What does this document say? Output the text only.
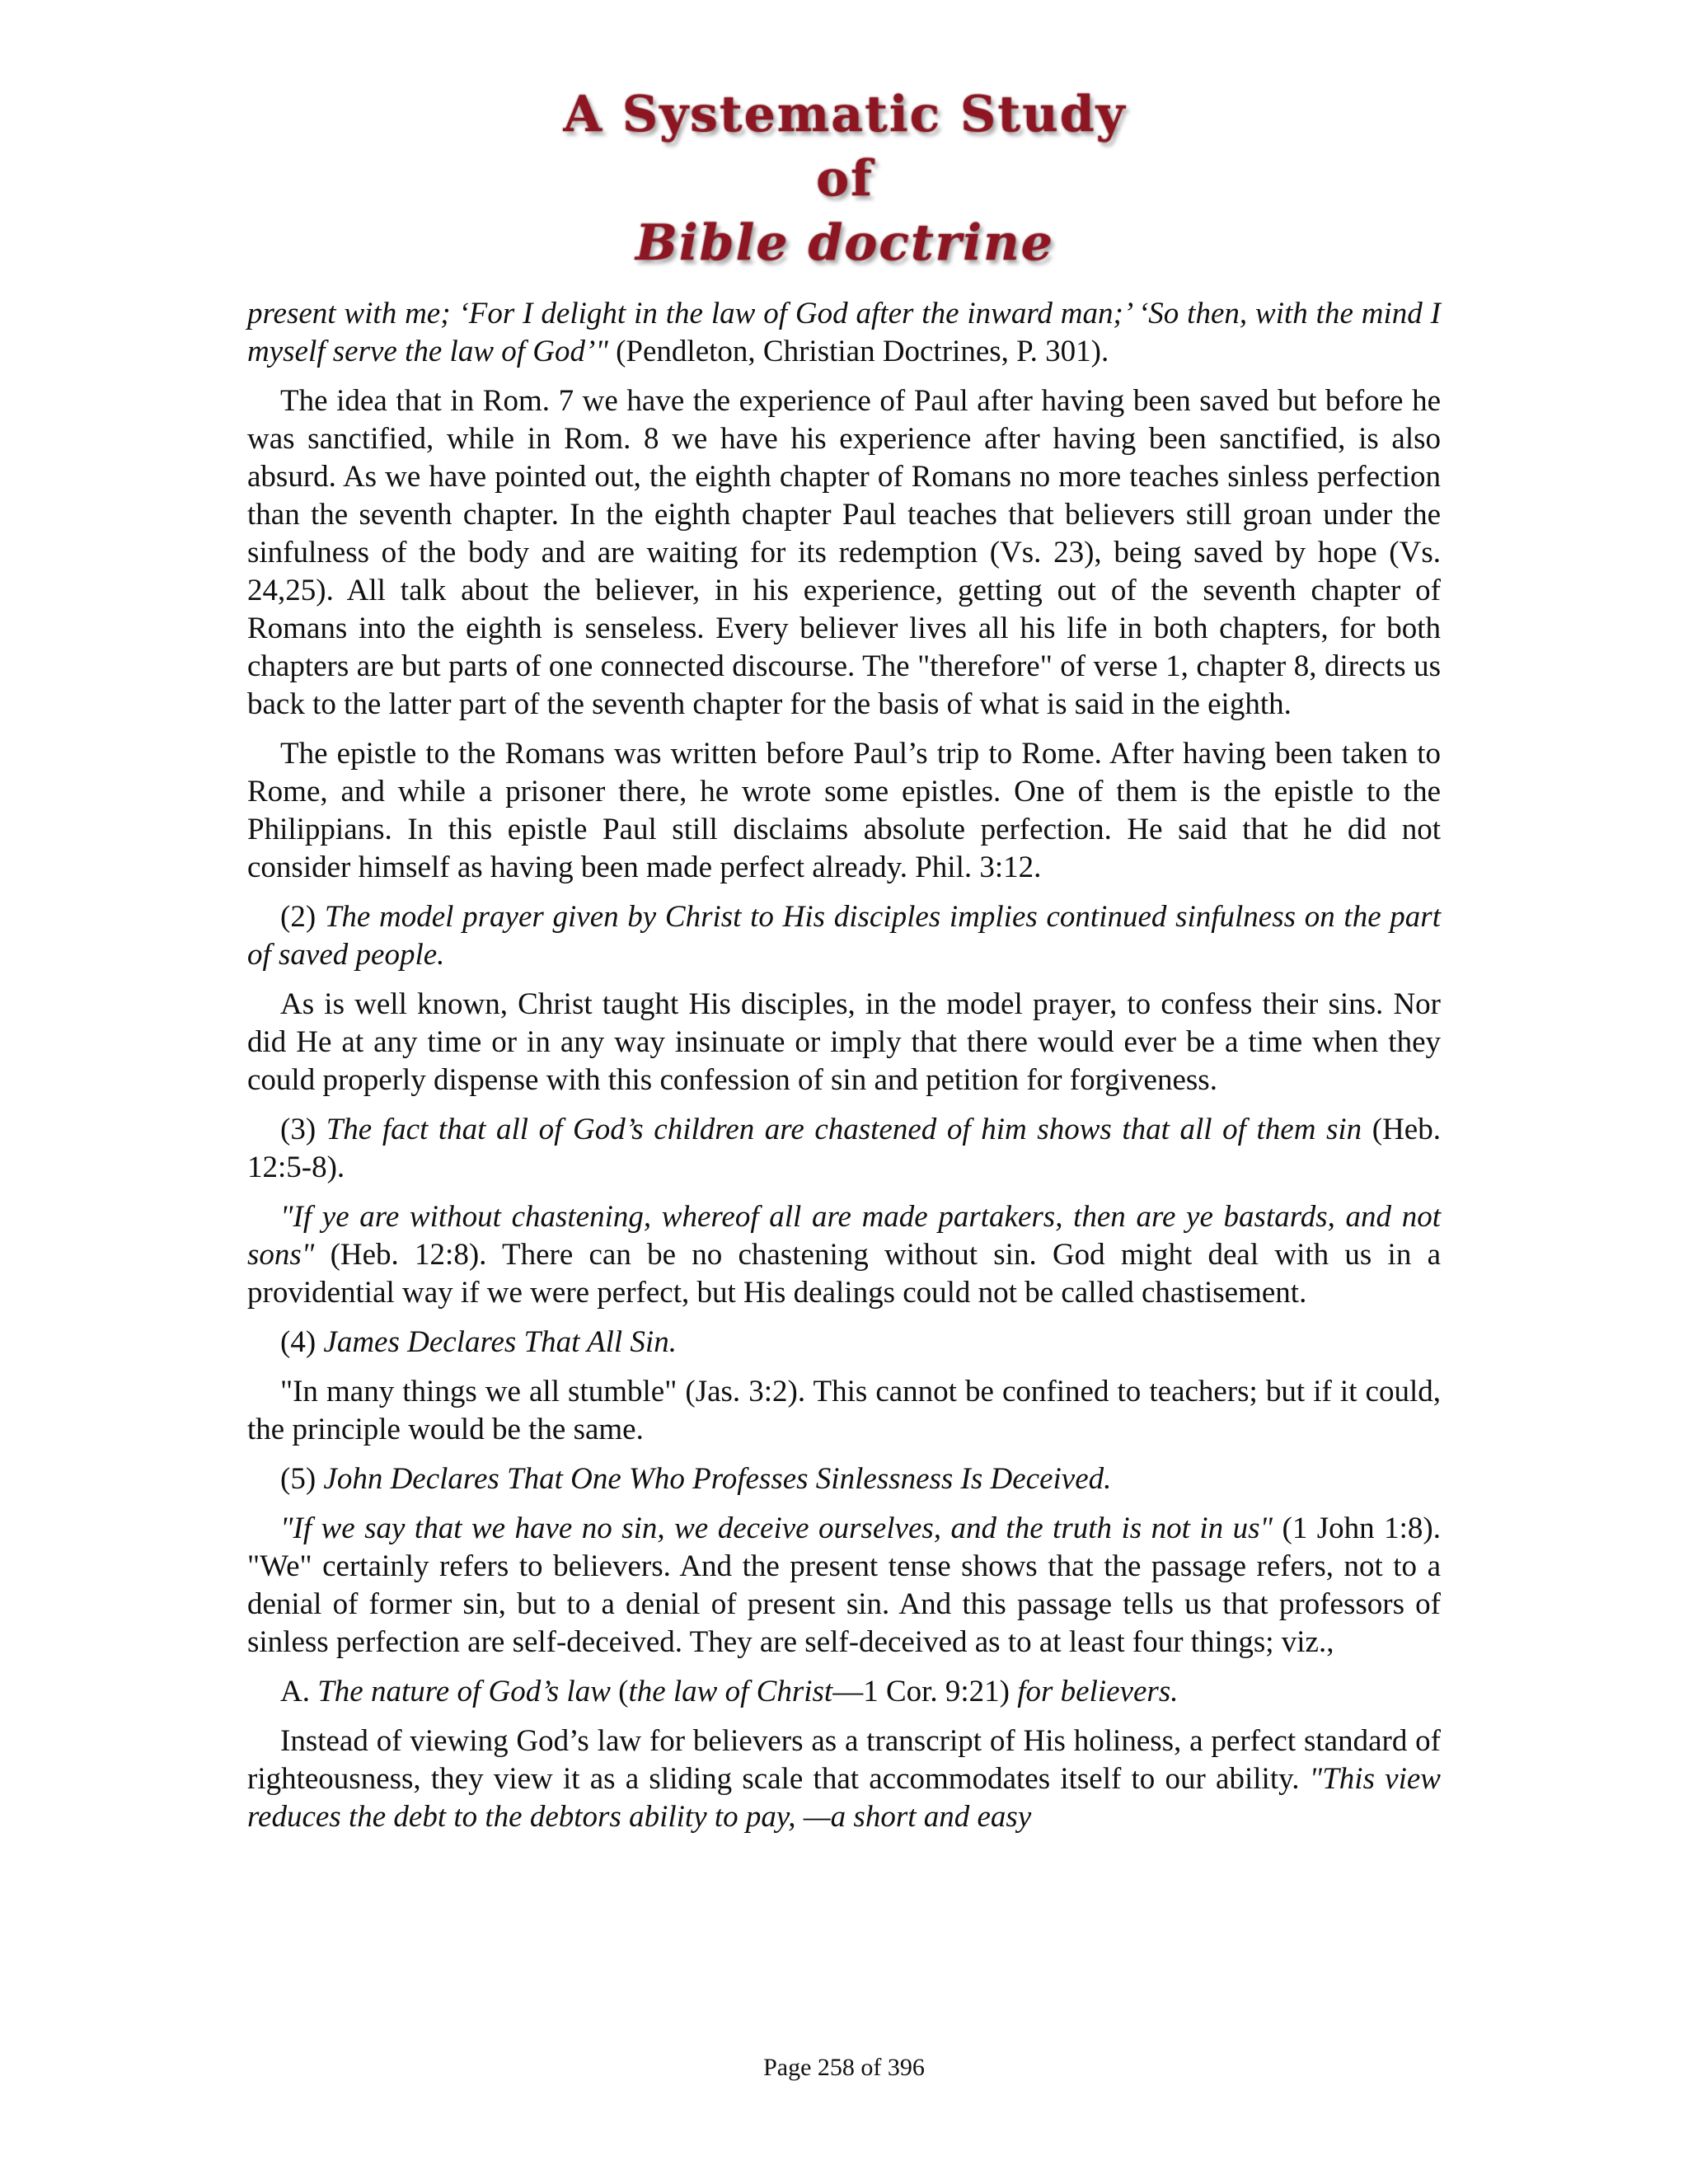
A Systematic Study of
Bible doctrine

present with me; ‘For I delight in the law of God after the inward man;’ ‘So then, with the mind I myself serve the law of God’" (Pendleton, Christian Doctrines, P. 301).

The idea that in Rom. 7 we have the experience of Paul after having been saved but before he was sanctified, while in Rom. 8 we have his experience after having been sanctified, is also absurd. As we have pointed out, the eighth chapter of Romans no more teaches sinless perfection than the seventh chapter. In the eighth chapter Paul teaches that believers still groan under the sinfulness of the body and are waiting for its redemption (Vs. 23), being saved by hope (Vs. 24,25). All talk about the believer, in his experience, getting out of the seventh chapter of Romans into the eighth is senseless. Every believer lives all his life in both chapters, for both chapters are but parts of one connected discourse. The "therefore" of verse 1, chapter 8, directs us back to the latter part of the seventh chapter for the basis of what is said in the eighth.

The epistle to the Romans was written before Paul’s trip to Rome. After having been taken to Rome, and while a prisoner there, he wrote some epistles. One of them is the epistle to the Philippians. In this epistle Paul still disclaims absolute perfection. He said that he did not consider himself as having been made perfect already. Phil. 3:12.

(2) The model prayer given by Christ to His disciples implies continued sinfulness on the part of saved people.

As is well known, Christ taught His disciples, in the model prayer, to confess their sins. Nor did He at any time or in any way insinuate or imply that there would ever be a time when they could properly dispense with this confession of sin and petition for forgiveness.

(3) The fact that all of God’s children are chastened of him shows that all of them sin (Heb. 12:5-8).

"If ye are without chastening, whereof all are made partakers, then are ye bastards, and not sons" (Heb. 12:8). There can be no chastening without sin. God might deal with us in a providential way if we were perfect, but His dealings could not be called chastisement.

(4) James Declares That All Sin.

"In many things we all stumble" (Jas. 3:2). This cannot be confined to teachers; but if it could, the principle would be the same.

(5) John Declares That One Who Professes Sinlessness Is Deceived.

"If we say that we have no sin, we deceive ourselves, and the truth is not in us" (1 John 1:8). "We" certainly refers to believers. And the present tense shows that the passage refers, not to a denial of former sin, but to a denial of present sin. And this passage tells us that professors of sinless perfection are self-deceived. They are self-deceived as to at least four things; viz.,

A. The nature of God’s law (the law of Christ—1 Cor. 9:21) for believers.

Instead of viewing God’s law for believers as a transcript of His holiness, a perfect standard of righteousness, they view it as a sliding scale that accommodates itself to our ability. "This view reduces the debt to the debtors ability to pay, —a short and easy

Page 258 of 396
